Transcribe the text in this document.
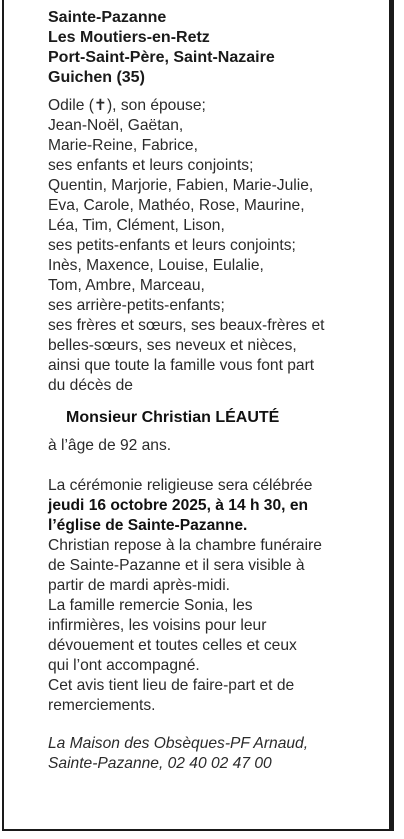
Sainte-Pazanne
Les Moutiers-en-Retz
Port-Saint-Père, Saint-Nazaire
Guichen (35)
Odile (✝), son épouse;
Jean-Noël, Gaëtan,
Marie-Reine, Fabrice,
ses enfants et leurs conjoints;
Quentin, Marjorie, Fabien, Marie-Julie,
Eva, Carole, Mathéo, Rose, Maurine,
Léa, Tim, Clément, Lison,
ses petits-enfants et leurs conjoints;
Inès, Maxence, Louise, Eulalie,
Tom, Ambre, Marceau,
ses arrière-petits-enfants;
ses frères et sœurs, ses beaux-frères et
belles-sœurs, ses neveux et nièces,
ainsi que toute la famille vous font part
du décès de
Monsieur Christian LÉAUTÉ
à l’âge de 92 ans.
La cérémonie religieuse sera célébrée
jeudi 16 octobre 2025, à 14 h 30, en
l’église de Sainte-Pazanne.
Christian repose à la chambre funéraire
de Sainte-Pazanne et il sera visible à
partir de mardi après-midi.
La famille remercie Sonia, les
infirmières, les voisins pour leur
dévouement et toutes celles et ceux
qui l’ont accompagné.
Cet avis tient lieu de faire-part et de
remerciements.
La Maison des Obsèques-PF Arnaud,
Sainte-Pazanne, 02 40 02 47 00
